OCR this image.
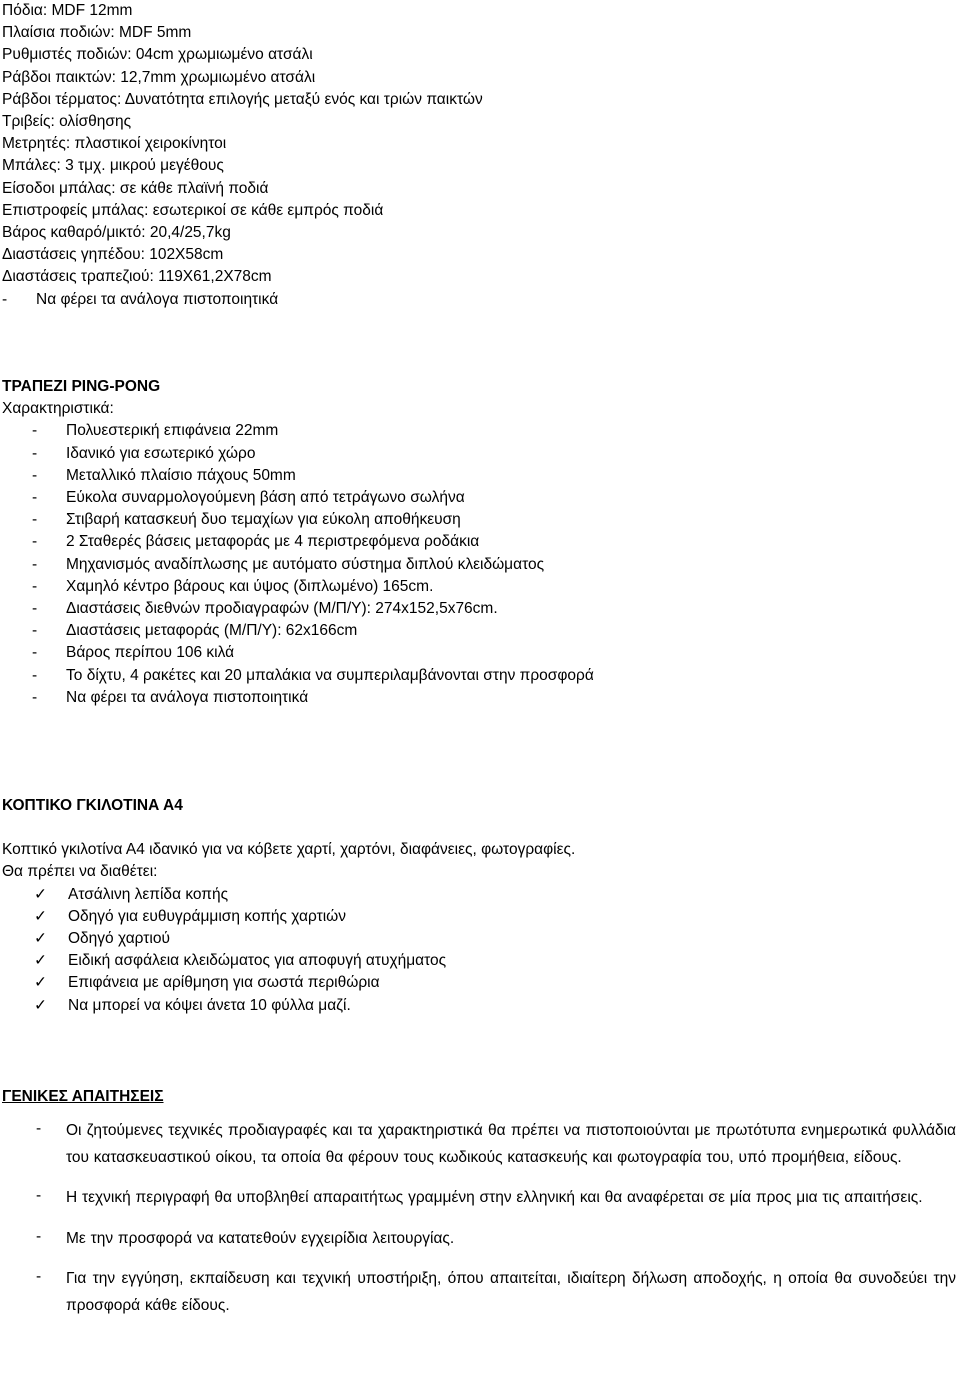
Πόδια: MDF 12mm
Πλαίσια ποδιών: MDF 5mm
Ρυθμιστές ποδιών: 04cm χρωμιωμένο ατσάλι
Ράβδοι παικτών: 12,7mm χρωμιωμένο ατσάλι
Ράβδοι τέρματος: Δυνατότητα επιλογής μεταξύ ενός και τριών παικτών
Τριβείς: ολίσθησης
Μετρητές: πλαστικοί χειροκίνητοι
Μπάλες: 3 τμχ. μικρού μεγέθους
Είσοδοι μπάλας: σε κάθε πλαϊνή ποδιά
Επιστροφείς μπάλας: εσωτερικοί σε κάθε εμπρός ποδιά
Βάρος καθαρό/μικτό: 20,4/25,7kg
Διαστάσεις γηπέδου: 102X58cm
Διαστάσεις τραπεζιού: 119X61,2X78cm
- Να φέρει τα ανάλογα πιστοποιητικά
ΤΡΑΠΕΖΙ PING-PONG
Χαρακτηριστικά:
- Πολυεστερική επιφάνεια 22mm
- Ιδανικό για εσωτερικό χώρο
- Μεταλλικό πλαίσιο πάχους 50mm
- Εύκολα συναρμολογούμενη βάση από τετράγωνο σωλήνα
- Στιβαρή κατασκευή δυο τεμαχίων για εύκολη αποθήκευση
- 2 Σταθερές βάσεις μεταφοράς με 4 περιστρεφόμενα ροδάκια
- Μηχανισμός αναδίπλωσης με αυτόματο σύστημα διπλού κλειδώματος
- Χαμηλό κέντρο βάρους και ύψος (διπλωμένο) 165cm.
- Διαστάσεις διεθνών προδιαγραφών (Μ/Π/Υ): 274x152,5x76cm.
- Διαστάσεις μεταφοράς (Μ/Π/Υ): 62x166cm
- Βάρος περίπου 106 κιλά
- Το δίχτυ, 4 ρακέτες και 20 μπαλάκια να συμπεριλαμβάνονται στην προσφορά
- Να φέρει τα ανάλογα πιστοποιητικά
ΚΟΠΤΙΚΟ ΓΚΙΛΟΤΙΝΑ Α4
Κοπτικό γκιλοτίνα Α4 ιδανικό για να κόβετε χαρτί, χαρτόνι, διαφάνειες, φωτογραφίες.
Θα πρέπει να διαθέτει:
✓ Ατσάλινη λεπίδα κοπής
✓ Οδηγό για ευθυγράμμιση κοπής χαρτιών
✓ Οδηγό χαρτιού
✓ Ειδική ασφάλεια κλειδώματος για αποφυγή ατυχήματος
✓ Επιφάνεια με αρίθμηση για σωστά περιθώρια
✓ Να μπορεί να κόψει άνετα 10 φύλλα μαζί.
ΓΕΝΙΚΕΣ ΑΠΑΙΤΗΣΕΙΣ
-	Οι ζητούμενες τεχνικές προδιαγραφές και τα χαρακτηριστικά θα πρέπει να πιστοποιούνται με πρωτότυπα ενημερωτικά φυλλάδια του κατασκευαστικού οίκου, τα οποία θα φέρουν τους κωδικούς κατασκευής και φωτογραφία του, υπό προμήθεια, είδους.
-	Η τεχνική περιγραφή θα υποβληθεί απαραιτήτως γραμμένη στην ελληνική και θα αναφέρεται σε μία προς μια τις απαιτήσεις.
-	Με την προσφορά να κατατεθούν εγχειρίδια λειτουργίας.
-	Για την εγγύηση, εκπαίδευση και τεχνική υποστήριξη, όπου απαιτείται, ιδιαίτερη δήλωση αποδοχής, η οποία θα συνοδεύει την προσφορά κάθε είδους.
